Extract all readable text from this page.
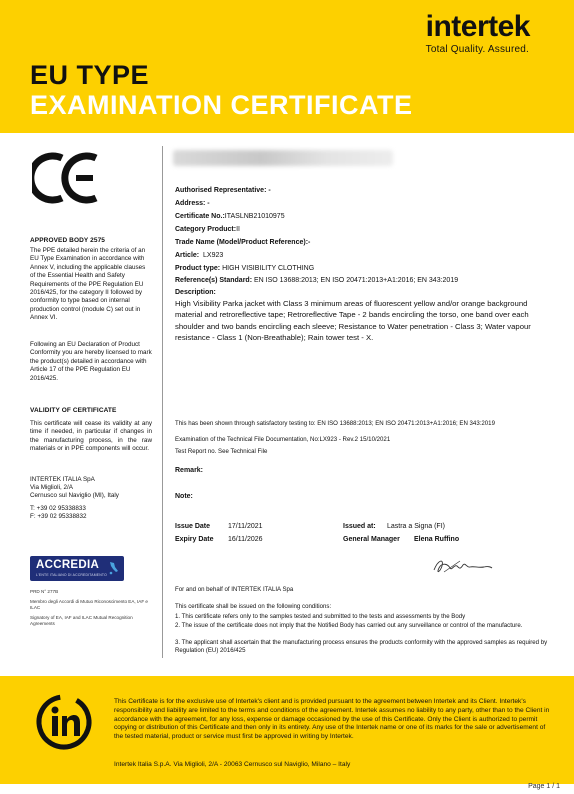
EU TYPE
EXAMINATION CERTIFICATE
intertek
Total Quality. Assured.
APPROVED BODY 2575
The PPE detailed herein the criteria of an EU Type Examination in accordance with Annex V, including the applicable clauses of the Essential Health and Safety Requirements of the PPE Regulation EU 2016/425, for the category II followed by conformity to type based on internal production control (module C) set out in Annex VI.
Following an EU Declaration of Product Conformity you are hereby licensed to mark the product(s) detailed in accordance with Article 17 of the PPE Regulation EU 2016/425.
VALIDITY OF CERTIFICATE
This certificate will cease its validity at any time if needed, in particular if changes in the manufacturing process, in the raw materials or in PPE components will occur.
INTERTEK ITALIA SpA
Via Miglioli, 2/A
Cernusco sul Naviglio (MI), Italy
T: +39 02 95338833
F: +39 02 95338832
ACCREDIA
L'ENTE ITALIANO DI ACCREDITAMENTO
PRD N° 277B
Membro degli Accordi di Mutuo Riconoscimento EA, IAF e ILAC
Signatory of EA, IAF and ILAC Mutual Recognition Agreements
Authorised Representative: -
Address: -
Certificate No.:ITASLNB21010975
Category Product:II
Trade Name (Model/Product Reference):-
Article: LX923
Product type: HIGH VISIBILITY CLOTHING
Reference(s) Standard: EN ISO 13688:2013; EN ISO 20471:2013+A1:2016; EN 343:2019
Description:
High Visibility Parka jacket with Class 3 minimum areas of fluorescent yellow and/or orange background material and retroreflective tape; Retroreflective Tape - 2 bands encircling the torso, one band over each shoulder and two bands encircling each sleeve; Resistance to Water penetration - Class 3; Water vapour resistance - Class 1 (Non-Breathable); Rain tower test - X.
This has been shown through satisfactory testing to: EN ISO 13688:2013; EN ISO 20471:2013+A1:2016; EN 343:2019
Examination of the Technical File Documentation, No:LX923 - Rev.2 15/10/2021
Test Report no. See Technical File
Remark:
Note:
Issue Date	17/11/2021
Expiry Date 16/11/2026
Issued at: Lastra a Signa (FI)
General Manager Elena Ruffino
For and on behalf of INTERTEK ITALIA Spa
This certificate shall be issued on the following conditions:
1. This certificate refers only to the samples tested and submitted to the tests and assessments by the Body
2. The issue of the certificate does not imply that the Notified Body has carried out any surveillance or control of the manufacture.
3. The applicant shall ascertain that the manufacturing process ensures the products conformity with the approved samples as required by Regulation (EU) 2016/425
This Certificate is for the exclusive use of Intertek's client and is provided pursuant to the agreement between Intertek and its Client. Intertek's responsibility and liability are limited to the terms and conditions of the agreement. Intertek assumes no liability to any party, other than to the Client in accordance with the agreement, for any loss, expense or damage occasioned by the use of this Certificate. Only the Client is authorized to permit copying or distribution of this Certificate and then only in its entirety. Any use of the Intertek name or one of its marks for the sale or advertisement of the tested material, product or service must first be approved in writing by Intertek.
Intertek Italia S.p.A. Via Miglioli, 2/A - 20063 Cernusco sul Naviglio, Milano – Italy
Page 1 / 1
